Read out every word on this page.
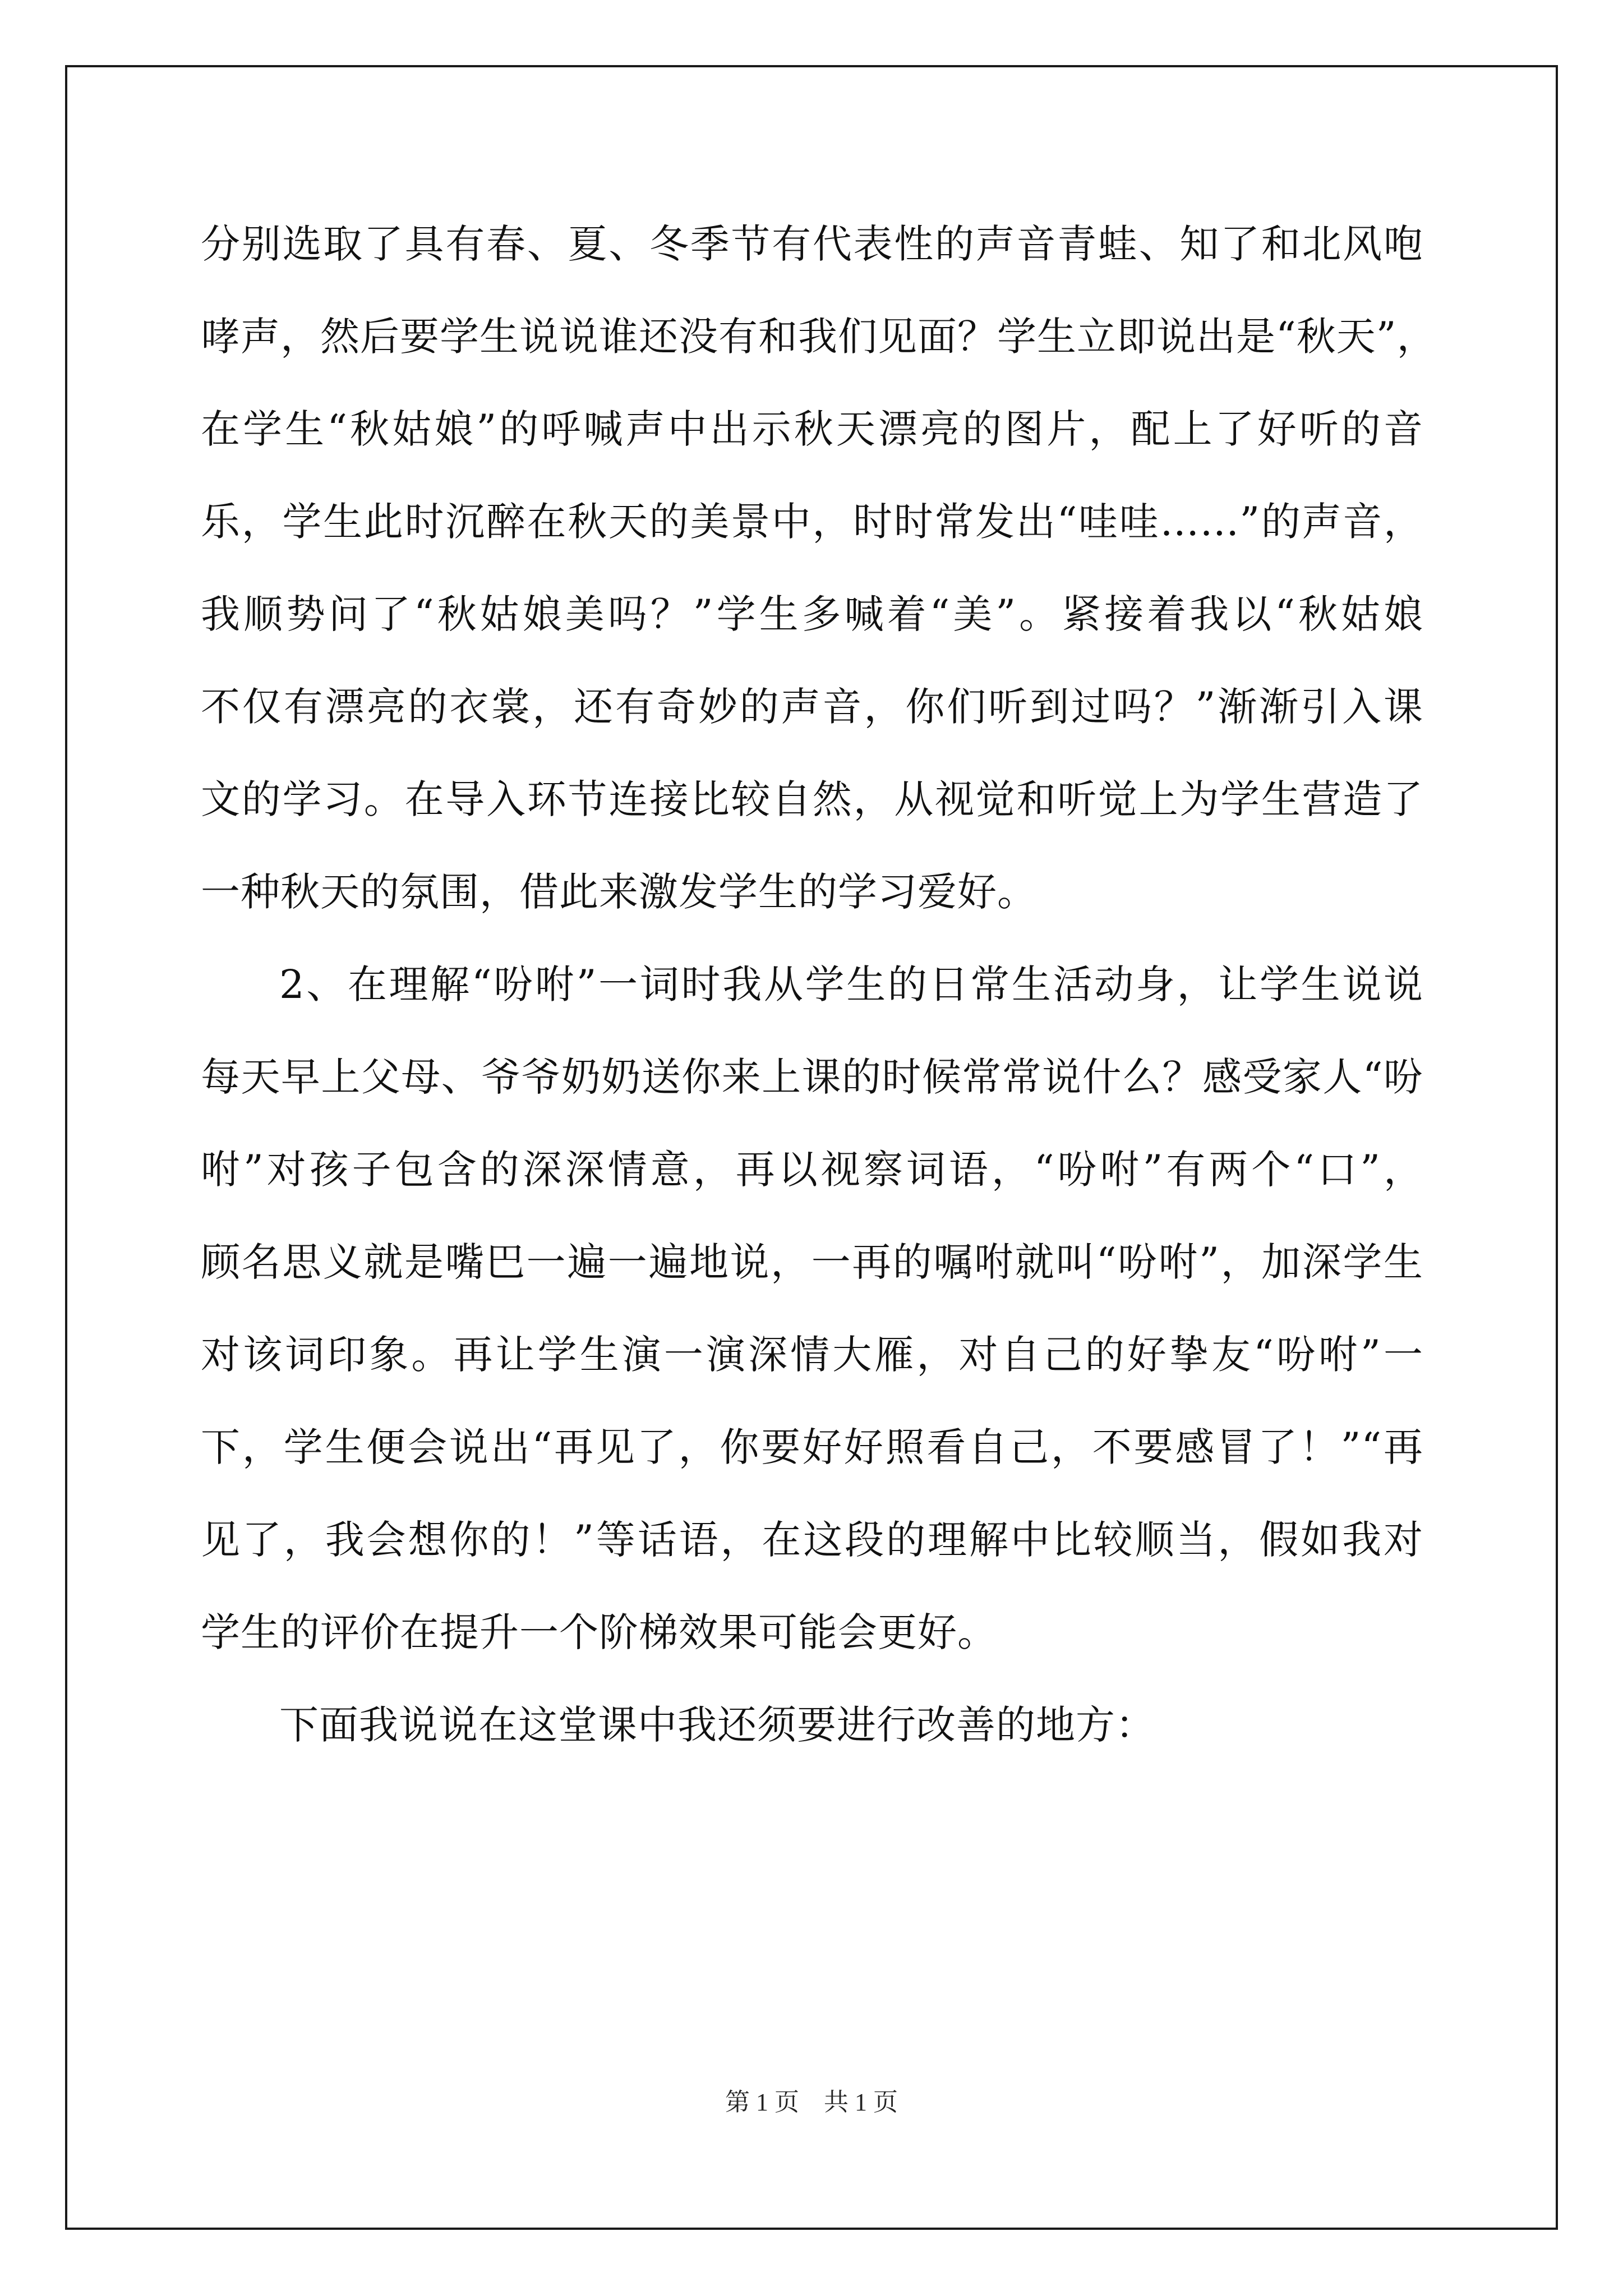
分别选取了具有春、夏、冬季节有代表性的声音青蛙、知了和北风咆
哮声，然后要学生说说谁还没有和我们见面？学生立即说出是“秋天”，
在学生“秋姑娘”的呼喊声中出示秋天漂亮的图片，配上了好听的音
乐，学生此时沉醉在秋天的美景中，时时常发出“哇哇……”的声音，
我顺势问了“秋姑娘美吗？”学生多喊着“美”。紧接着我以“秋姑娘
不仅有漂亮的衣裳，还有奇妙的声音，你们听到过吗？”渐渐引入课
文的学习。在导入环节连接比较自然，从视觉和听觉上为学生营造了
一种秋天的氛围，借此来激发学生的学习爱好。
2、在理解“吩咐”一词时我从学生的日常生活动身，让学生说说
每天早上父母、爷爷奶奶送你来上课的时候常常说什么？感受家人“吩
咐”对孩子包含的深深情意，再以视察词语，“吩咐”有两个“口”，
顾名思义就是嘴巴一遍一遍地说，一再的嘱咐就叫“吩咐”，加深学生
对该词印象。再让学生演一演深情大雁，对自己的好挚友“吩咐”一
下，学生便会说出“再见了，你要好好照看自己，不要感冒了！”“再
见了，我会想你的！”等话语，在这段的理解中比较顺当，假如我对
学生的评价在提升一个阶梯效果可能会更好。
下面我说说在这堂课中我还须要进行改善的地方：
第 1 页 共 1 页
